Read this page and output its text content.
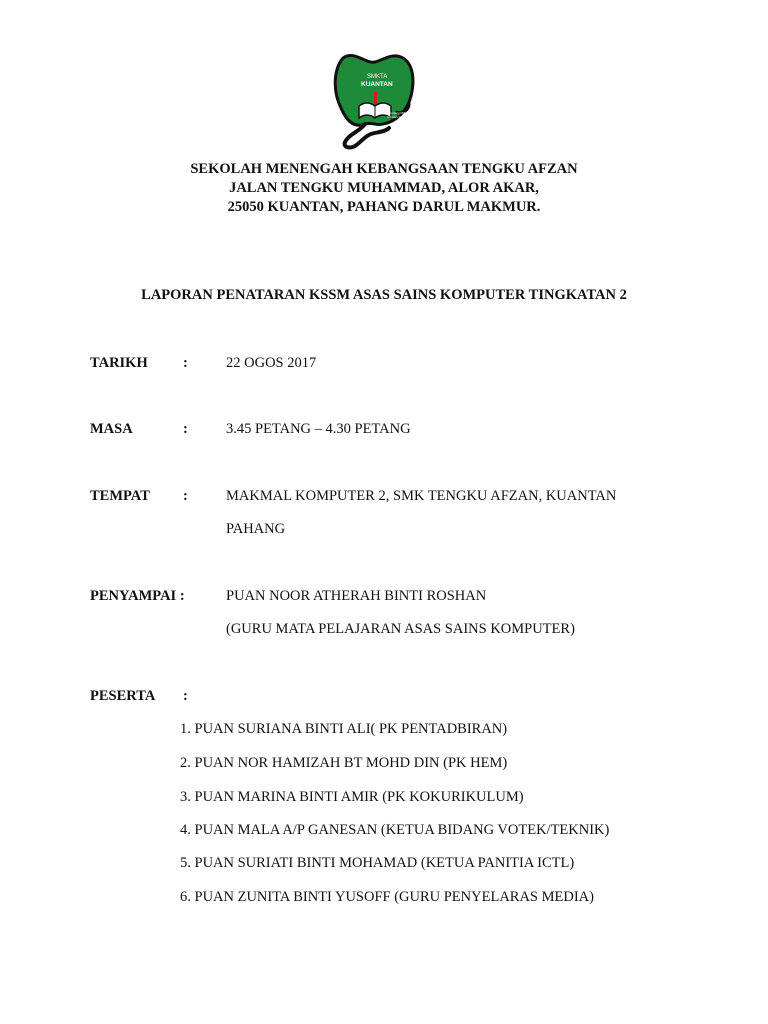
SMKTA
KUANTAN
Cemerlang Pilihan
Sahsiah Idaman

SEKOLAH MENENGAH KEBANGSAAN TENGKU AFZAN

JALAN TENGKU MUHAMMAD, ALOR AKAR,

25050 KUANTAN, PAHANG DARUL MAKMUR.

LAPORAN PENATARAN KSSM ASAS SAINS KOMPUTER TINGKATAN 2

TARIKH :	22 OGOS 2017
MASA	:	3.45 PETANG – 4.30 PETANG
TEMPAT :	MAKMAL KOMPUTER 2, SMK TENGKU AFZAN, KUANTAN
PAHANG
PENYAMPAI :	PUAN NOOR ATHERAH BINTI ROSHAN
(GURU MATA PELAJARAN ASAS SAINS KOMPUTER)
PESERTA :
1. PUAN SURIANA BINTI ALI( PK PENTADBIRAN)
2. PUAN NOR HAMIZAH BT MOHD DIN (PK HEM)
3. PUAN MARINA BINTI AMIR (PK KOKURIKULUM)
4. PUAN MALA A/P GANESAN (KETUA BIDANG VOTEK/TEKNIK)
5. PUAN SURIATI BINTI MOHAMAD (KETUA PANITIA ICTL)
6. PUAN ZUNITA BINTI YUSOFF (GURU PENYELARAS MEDIA)
